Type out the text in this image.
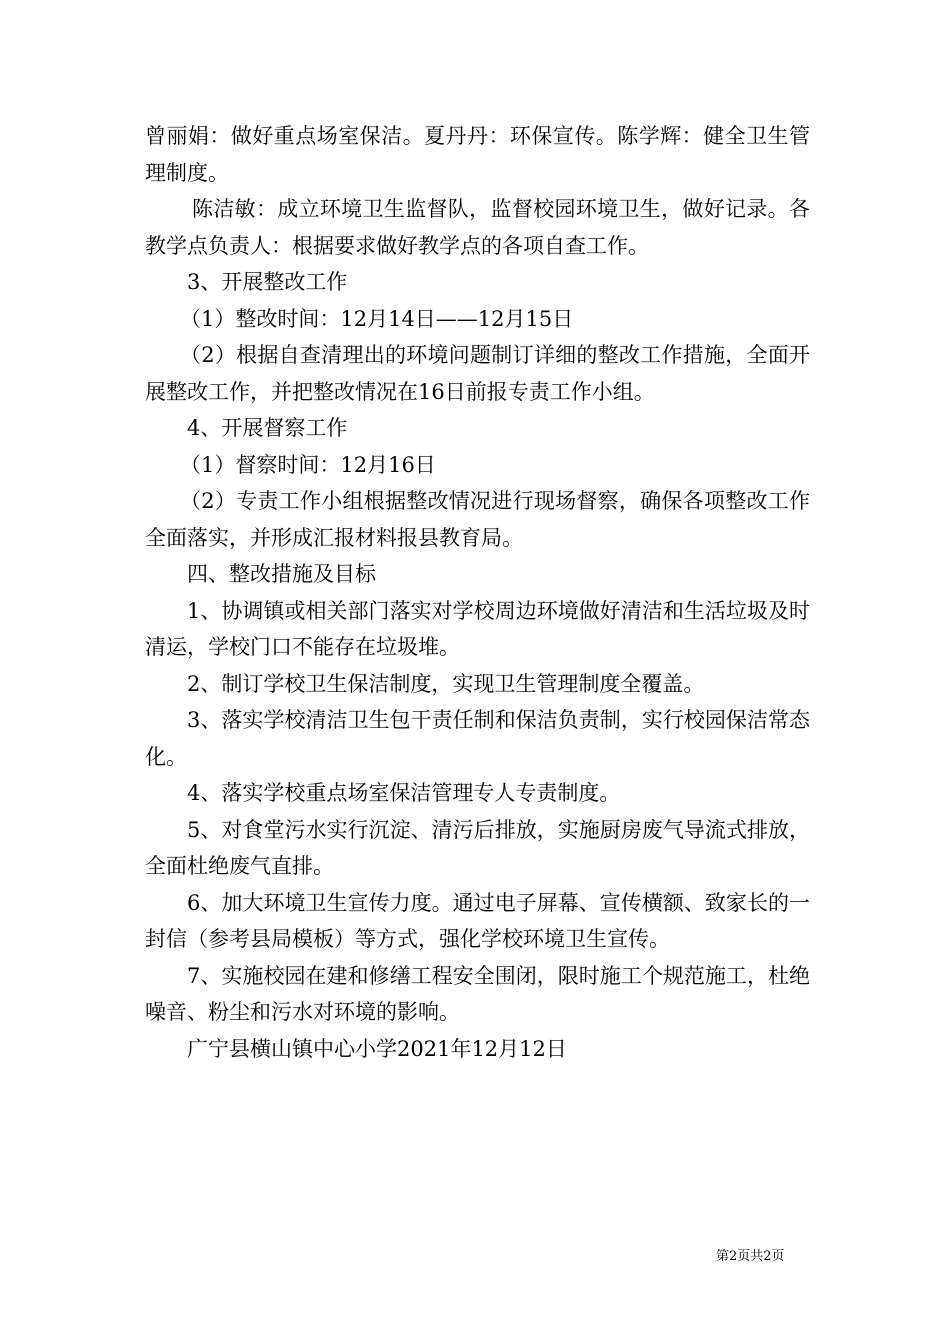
曾丽娟：做好重点场室保洁。夏丹丹：环保宣传。陈学辉：健全卫生管理制度。

陈洁敏：成立环境卫生监督队，监督校园环境卫生，做好记录。各教学点负责人：根据要求做好教学点的各项自查工作。

3、开展整改工作

（1）整改时间：12月14日——12月15日

（2）根据自查清理出的环境问题制订详细的整改工作措施，全面开展整改工作，并把整改情况在16日前报专责工作小组。

4、开展督察工作

（1）督察时间：12月16日

（2）专责工作小组根据整改情况进行现场督察，确保各项整改工作全面落实，并形成汇报材料报县教育局。

四、整改措施及目标

1、协调镇或相关部门落实对学校周边环境做好清洁和生活垃圾及时清运，学校门口不能存在垃圾堆。

2、制订学校卫生保洁制度，实现卫生管理制度全覆盖。

3、落实学校清洁卫生包干责任制和保洁负责制，实行校园保洁常态化。

4、落实学校重点场室保洁管理专人专责制度。

5、对食堂污水实行沉淀、清污后排放，实施厨房废气导流式排放，全面杜绝废气直排。

6、加大环境卫生宣传力度。通过电子屏幕、宣传横额、致家长的一封信（参考县局模板）等方式，强化学校环境卫生宣传。

7、实施校园在建和修缮工程安全围闭，限时施工个规范施工，杜绝噪音、粉尘和污水对环境的影响。

广宁县横山镇中心小学2021年12月12日

第2页共2页
